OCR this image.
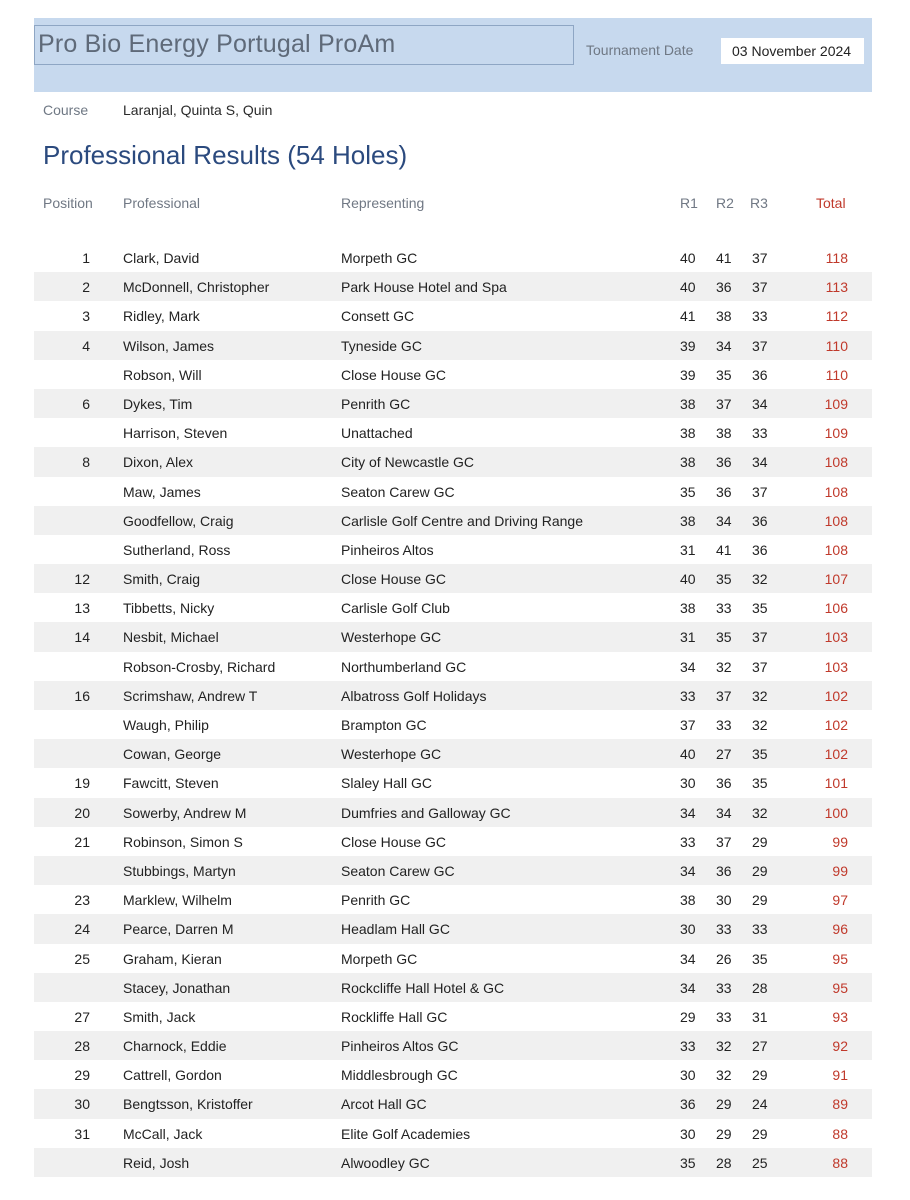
Pro Bio Energy Portugal ProAm	Tournament Date	03 November 2024
Course Laranjal, Quinta S, Quin
Professional Results (54 Holes)
Position Professional	Representing	R1 R2 R3	Total
1 Clark, David	Morpeth GC	40 41 37	118
2 McDonnell, Christopher	Park House Hotel and Spa	40 36 37	113
3 Ridley, Mark	Consett GC	41 38 33	112
4 Wilson, James	Tyneside GC	39 34 37	110
Robson, Will	Close House GC	39 35 36	110
6 Dykes, Tim	Penrith GC	38 37 34	109
Harrison, Steven	Unattached	38 38 33	109
8 Dixon, Alex	City of Newcastle GC	38 36 34	108
Maw, James	Seaton Carew GC	35 36 37	108
Goodfellow, Craig	Carlisle Golf Centre and Driving Range	38 34 36	108
Sutherland, Ross	Pinheiros Altos	31 41 36	108
12 Smith, Craig	Close House GC	40 35 32	107
13 Tibbetts, Nicky	Carlisle Golf Club	38 33 35	106
14 Nesbit, Michael	Westerhope GC	31 35 37	103
Robson-Crosby, Richard	Northumberland GC	34 32 37	103
16 Scrimshaw, Andrew T	Albatross Golf Holidays	33 37 32	102
Waugh, Philip	Brampton GC	37 33 32	102
Cowan, George	Westerhope GC	40 27 35	102
19 Fawcitt, Steven	Slaley Hall GC	30 36 35	101
20 Sowerby, Andrew M	Dumfries and Galloway GC	34 34 32	100
21 Robinson, Simon S	Close House GC	33 37 29	99
Stubbings, Martyn	Seaton Carew GC	34 36 29	99
23 Marklew, Wilhelm	Penrith GC	38 30 29	97
24 Pearce, Darren M	Headlam Hall GC	30 33 33	96
25 Graham, Kieran	Morpeth GC	34 26 35	95
Stacey, Jonathan	Rockcliffe Hall Hotel & GC	34 33 28	95
27 Smith, Jack	Rockliffe Hall GC	29 33 31	93
28 Charnock, Eddie	Pinheiros Altos GC	33 32 27	92
29 Cattrell, Gordon	Middlesbrough GC	30 32 29	91
30 Bengtsson, Kristoffer	Arcot Hall GC	36 29 24	89
31 McCall, Jack	Elite Golf Academies	30 29 29	88
Reid, Josh	Alwoodley GC	35 28 25	88
